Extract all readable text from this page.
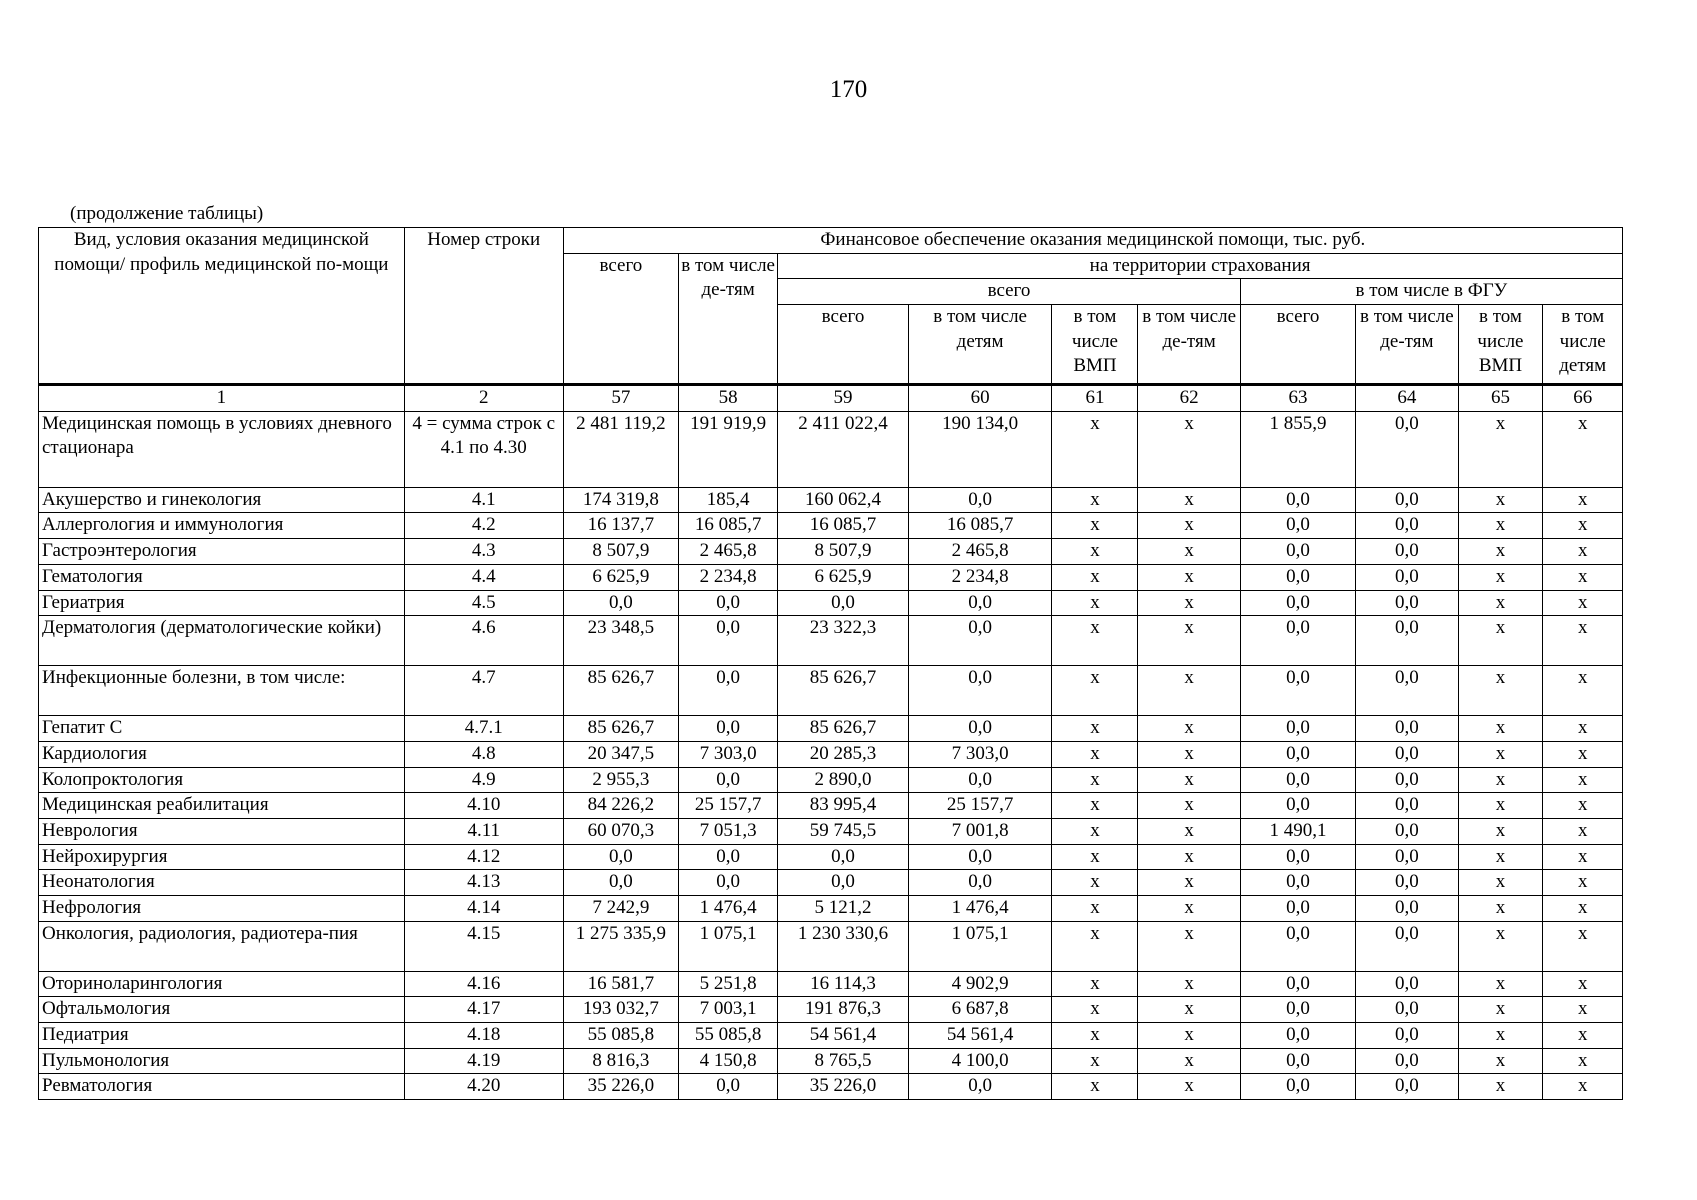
170
(продолжение таблицы)
Вид, условия оказания медицинской помощи/ профиль медицинской по-мощи	Номер строки	Финансовое обеспечение оказания медицинской помощи, тыс. руб.									
		всего	в том числе де-тям	на территории страхования							
				всего				в том числе в ФГУ			
				всего	в том числе детям	в том числе ВМП	в том числе де-тям	всего	в том числе де-тям	в том числе ВМП	в том числе детям
1	2	57	58	59	60	61	62	63	64	65	66
Медицинская помощь в условиях дневного стационара	4 = сумма строк с 4.1 по 4.30	2 481 119,2	191 919,9	2 411 022,4	190 134,0	х	х	1 855,9	0,0	х	х
Акушерство и гинекология	4.1	174 319,8	185,4	160 062,4	0,0	х	х	0,0	0,0	х	х
Аллергология и иммунология	4.2	16 137,7	16 085,7	16 085,7	16 085,7	х	х	0,0	0,0	х	х
Гастроэнтерология	4.3	8 507,9	2 465,8	8 507,9	2 465,8	х	х	0,0	0,0	х	х
Гематология	4.4	6 625,9	2 234,8	6 625,9	2 234,8	х	х	0,0	0,0	х	х
Гериатрия	4.5	0,0	0,0	0,0	0,0	х	х	0,0	0,0	х	х
Дерматология (дерматологические койки)	4.6	23 348,5	0,0	23 322,3	0,0	х	х	0,0	0,0	х	х
Инфекционные болезни, в том числе:	4.7	85 626,7	0,0	85 626,7	0,0	х	х	0,0	0,0	х	х
Гепатит С	4.7.1	85 626,7	0,0	85 626,7	0,0	х	х	0,0	0,0	х	х
Кардиология	4.8	20 347,5	7 303,0	20 285,3	7 303,0	х	х	0,0	0,0	х	х
Колопроктология	4.9	2 955,3	0,0	2 890,0	0,0	х	х	0,0	0,0	х	х
Медицинская реабилитация	4.10	84 226,2	25 157,7	83 995,4	25 157,7	х	х	0,0	0,0	х	х
Неврология	4.11	60 070,3	7 051,3	59 745,5	7 001,8	х	х	1 490,1	0,0	х	х
Нейрохирургия	4.12	0,0	0,0	0,0	0,0	х	х	0,0	0,0	х	х
Неонатология	4.13	0,0	0,0	0,0	0,0	х	х	0,0	0,0	х	х
Нефрология	4.14	7 242,9	1 476,4	5 121,2	1 476,4	х	х	0,0	0,0	х	х
Онкология, радиология, радиотера-пия	4.15	1 275 335,9	1 075,1	1 230 330,6	1 075,1	х	х	0,0	0,0	х	х
Оториноларингология	4.16	16 581,7	5 251,8	16 114,3	4 902,9	х	х	0,0	0,0	х	х
Офтальмология	4.17	193 032,7	7 003,1	191 876,3	6 687,8	х	х	0,0	0,0	х	х
Педиатрия	4.18	55 085,8	55 085,8	54 561,4	54 561,4	х	х	0,0	0,0	х	х
Пульмонология	4.19	8 816,3	4 150,8	8 765,5	4 100,0	х	х	0,0	0,0	х	х
Ревматология	4.20	35 226,0	0,0	35 226,0	0,0	х	х	0,0	0,0	х	х
